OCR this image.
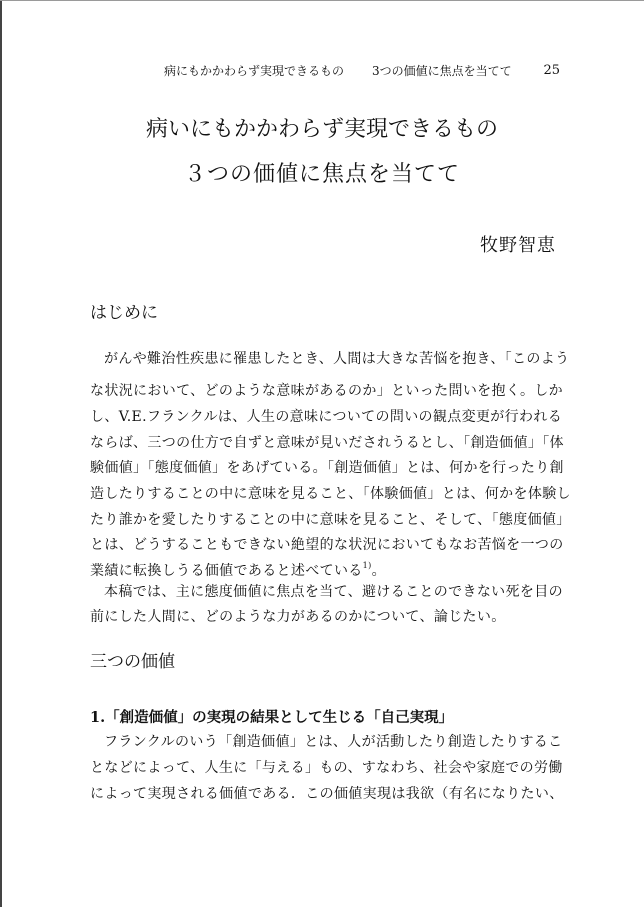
病にもかかわらず実現できるもの 3つの価値に焦点を当てて 25
病いにもかかわらず実現できるもの
３つの価値に焦点を当てて
牧野智恵
はじめに
がんや難治性疾患に罹患したとき、人間は大きな苦悩を抱き、「このよう
な状況において、どのような意味があるのか」といった問いを抱く。しか
し、V.E.フランクルは、人生の意味についての問いの観点変更が行われる
ならば、三つの仕方で自ずと意味が見いだされうるとし、「創造価値」「体
験価値」「態度価値」をあげている。「創造価値」とは、何かを行ったり創
造したりすることの中に意味を見ること、「体験価値」とは、何かを体験し
たり誰かを愛したりすることの中に意味を見ること、そして、「態度価値」
とは、どうすることもできない絶望的な状況においてもなお苦悩を一つの
業績に転換しうる価値であると述べている$^{1)}$。
本稿では、主に態度価値に焦点を当て、避けることのできない死を目の
前にした人間に、どのような力があるのかについて、論じたい。
三つの価値
1.「創造価値」の実現の結果として生じる「自己実現」
フランクルのいう「創造価値」とは、人が活動したり創造したりするこ
となどによって、人生に「与える」もの、すなわち、社会や家庭での労働
によって実現される価値である．この価値実現は我欲（有名になりたい、
